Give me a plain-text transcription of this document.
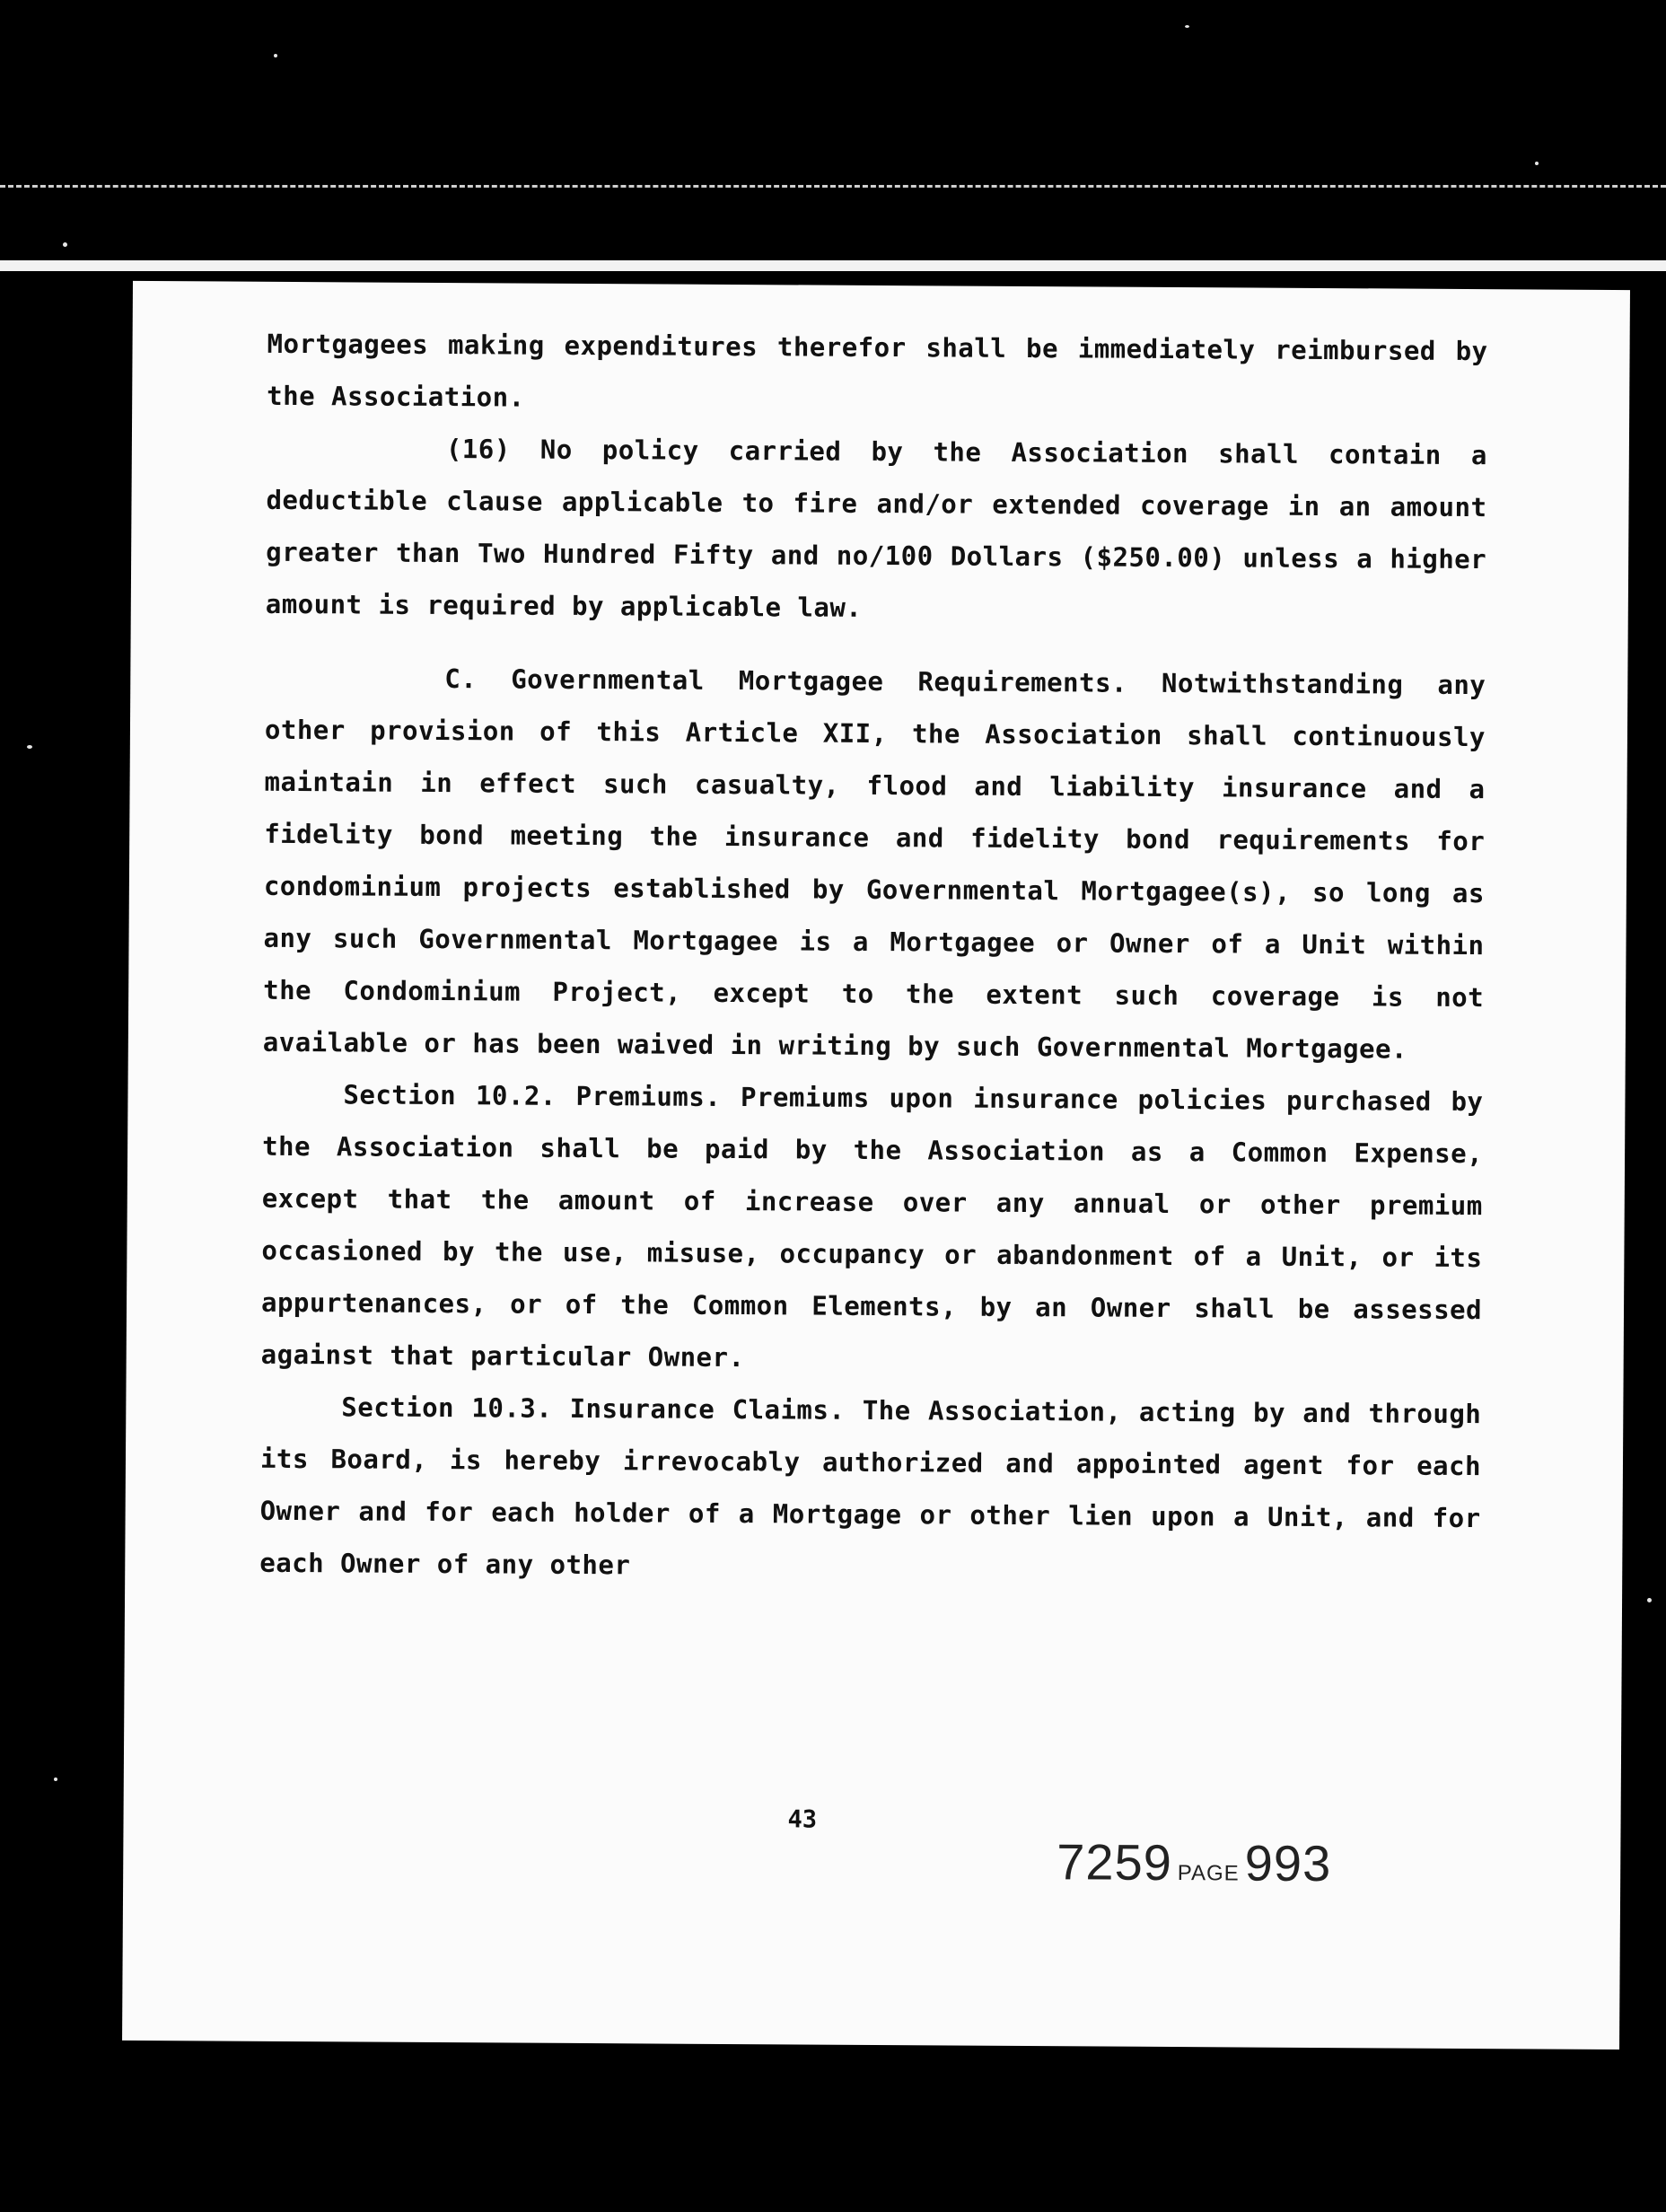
Mortgagees making expenditures therefor shall be immediately reimbursed by the Association.

(16) No policy carried by the Association shall contain a deductible clause applicable to fire and/or extended coverage in an amount greater than Two Hundred Fifty and no/100 Dollars ($250.00) unless a higher amount is required by applicable law.

C. Governmental Mortgagee Requirements. Notwithstanding any other provision of this Article XII, the Association shall continuously maintain in effect such casualty, flood and liability insurance and a fidelity bond meeting the insurance and fidelity bond requirements for condominium projects established by Governmental Mortgagee(s), so long as any such Governmental Mortgagee is a Mortgagee or Owner of a Unit within the Condominium Project, except to the extent such coverage is not available or has been waived in writing by such Governmental Mortgagee.

Section 10.2. Premiums. Premiums upon insurance policies purchased by the Association shall be paid by the Association as a Common Expense, except that the amount of increase over any annual or other premium occasioned by the use, misuse, occupancy or abandonment of a Unit, or its appurtenances, or of the Common Elements, by an Owner shall be assessed against that particular Owner.

Section 10.3. Insurance Claims. The Association, acting by and through its Board, is hereby irrevocably authorized and appointed agent for each Owner and for each holder of a Mortgage or other lien upon a Unit, and for each Owner of any other

43
7259 PAGE 993
